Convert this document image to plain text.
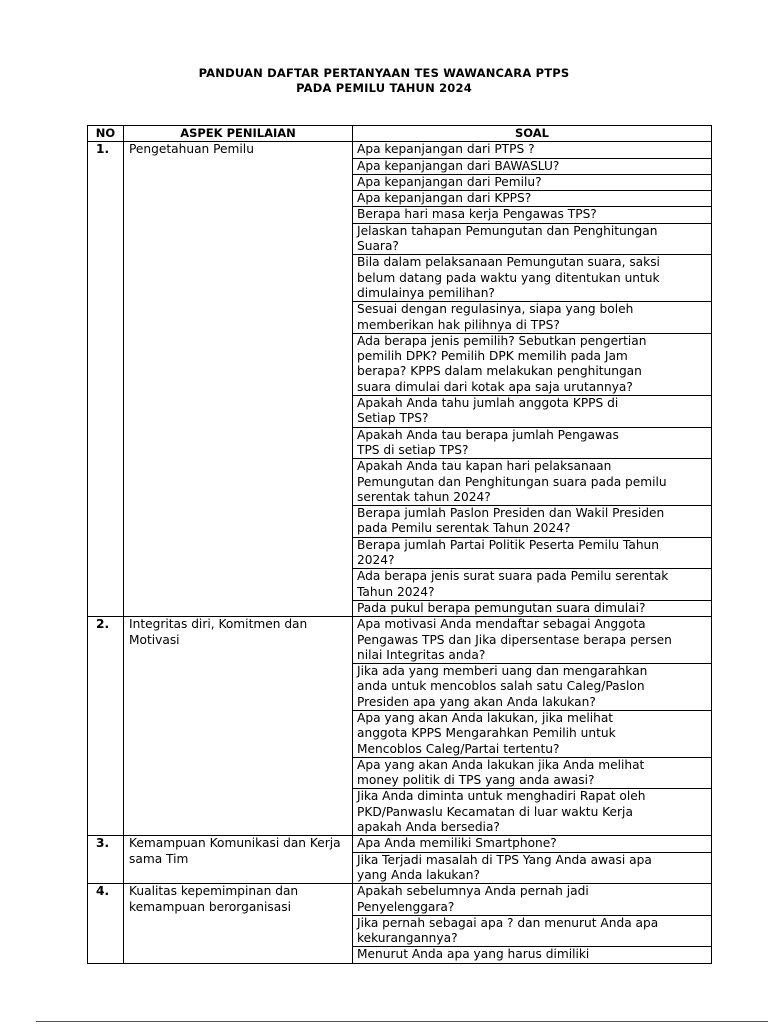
PANDUAN DAFTAR PERTANYAAN TES WAWANCARA PTPS
PADA PEMILU TAHUN 2024
NO	ASPEK PENILAIAN	SOAL
1.	Pengetahuan Pemilu	Apa kepanjangan dari PTPS ?

		Apa kepanjangan dari BAWASLU?

		Apa kepanjangan dari Pemilu?

		Apa kepanjangan dari KPPS?

		Berapa hari masa kerja Pengawas TPS?

		Jelaskan tahapan Pemungutan dan Penghitungan
Suara?

		Bila dalam pelaksanaan Pemungutan suara, saksi
belum datang pada waktu yang ditentukan untuk
dimulainya pemilihan?

		Sesuai dengan regulasinya, siapa yang boleh
memberikan hak pilihnya di TPS?

		Ada berapa jenis pemilih? Sebutkan pengertian
pemilih DPK? Pemilih DPK memilih pada Jam
berapa? KPPS dalam melakukan penghitungan
suara dimulai dari kotak apa saja urutannya?

		Apakah Anda tahu jumlah anggota KPPS di
Setiap TPS?

		Apakah Anda tau berapa jumlah Pengawas
TPS di setiap TPS?

		Apakah Anda tau kapan hari pelaksanaan
Pemungutan dan Penghitungan suara pada pemilu
serentak tahun 2024?

		Berapa jumlah Paslon Presiden dan Wakil Presiden
pada Pemilu serentak Tahun 2024?

		Berapa jumlah Partai Politik Peserta Pemilu Tahun
2024?

		Ada berapa jenis surat suara pada Pemilu serentak
Tahun 2024?

		Pada pukul berapa pemungutan suara dimulai?

2.	Integritas diri, Komitmen dan Motivasi	Apa motivasi Anda mendaftar sebagai Anggota
Pengawas TPS dan Jika dipersentase berapa persen
nilai Integritas anda?

		Jika ada yang memberi uang dan mengarahkan
anda untuk mencoblos salah satu Caleg/Paslon
Presiden apa yang akan Anda lakukan?

		Apa yang akan Anda lakukan, jika melihat
anggota KPPS Mengarahkan Pemilih untuk
Mencoblos Caleg/Partai tertentu?

		Apa yang akan Anda lakukan jika Anda melihat
money politik di TPS yang anda awasi?

		Jika Anda diminta untuk menghadiri Rapat oleh
PKD/Panwaslu Kecamatan di luar waktu Kerja
apakah Anda bersedia?

3.	Kemampuan Komunikasi dan Kerja sama Tim	Apa Anda memiliki Smartphone?

		Jika Terjadi masalah di TPS Yang Anda awasi apa
yang Anda lakukan?

4.	Kualitas kepemimpinan dan kemampuan berorganisasi	Apakah sebelumnya Anda pernah jadi
Penyelenggara?

		Jika pernah sebagai apa ? dan menurut Anda apa
kekurangannya?

		Menurut Anda apa yang harus dimiliki
